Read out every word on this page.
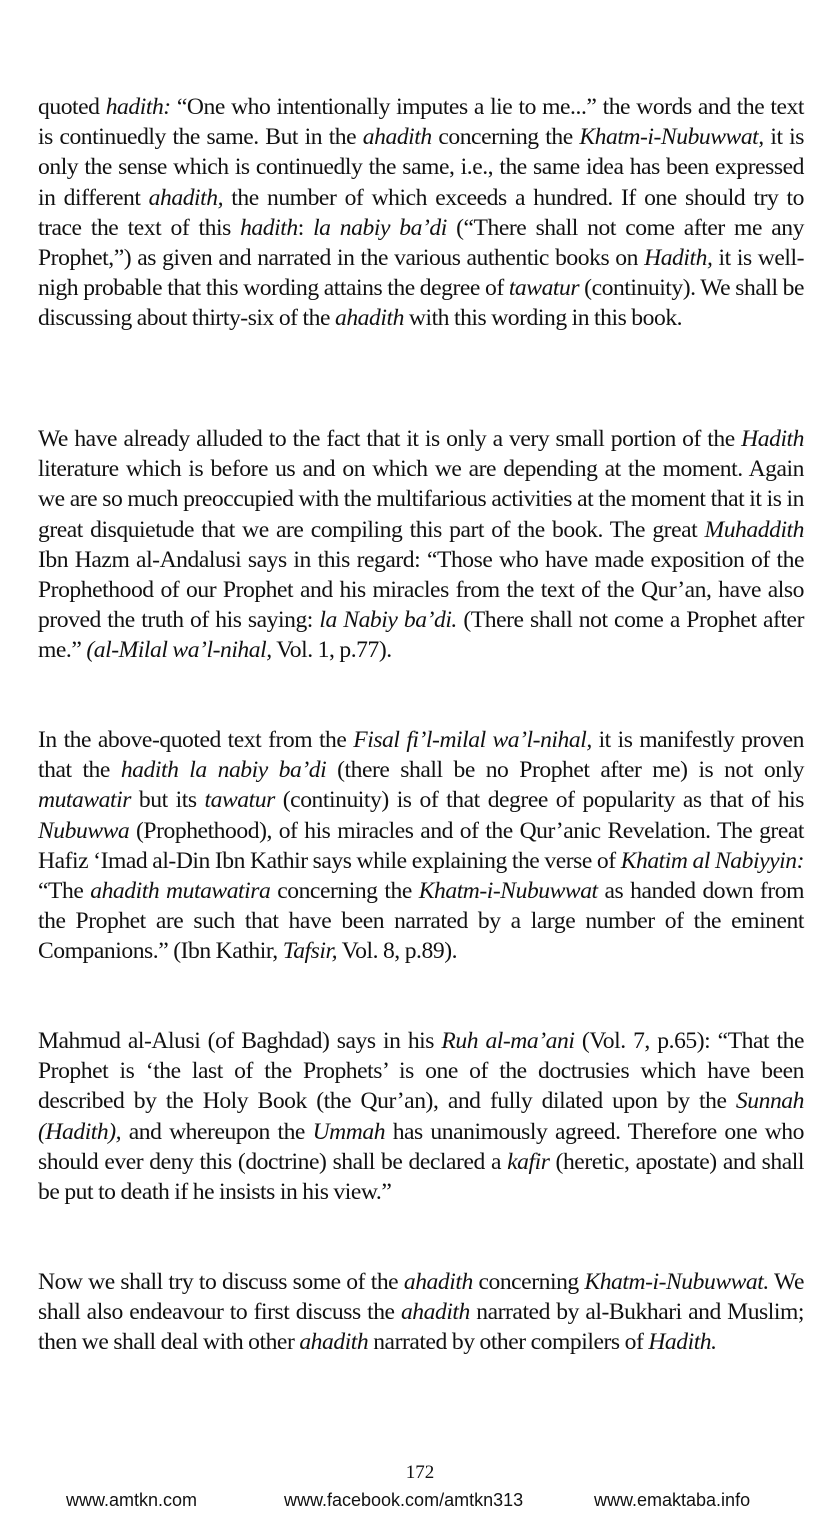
quoted hadith: “One who intentionally imputes a lie to me...” the words and the text is continuedly the same. But in the ahadith concerning the Khatm-i-Nubuwwat, it is only the sense which is continuedly the same, i.e., the same idea has been expressed in different ahadith, the number of which exceeds a hundred. If one should try to trace the text of this hadith: la nabiy ba’di (“There shall not come after me any Prophet,”) as given and narrated in the various authentic books on Hadith, it is well-nigh probable that this wording attains the degree of tawatur (continuity). We shall be discussing about thirty-six of the ahadith with this wording in this book.

We have already alluded to the fact that it is only a very small portion of the Hadith literature which is before us and on which we are depending at the moment. Again we are so much preoccupied with the multifarious activities at the moment that it is in great disquietude that we are compiling this part of the book. The great Muhaddith Ibn Hazm al-Andalusi says in this regard: “Those who have made exposition of the Prophethood of our Prophet and his miracles from the text of the Qur’an, have also proved the truth of his saying: la Nabiy ba’di. (There shall not come a Prophet after me.” (al-Milal wa’l-nihal, Vol. 1, p.77).

In the above-quoted text from the Fisal fi’l-milal wa’l-nihal, it is manifestly proven that the hadith la nabiy ba’di (there shall be no Prophet after me) is not only mutawatir but its tawatur (continuity) is of that degree of popularity as that of his Nubuwwa (Prophethood), of his miracles and of the Qur’anic Revelation. The great Hafiz ‘Imad al-Din Ibn Kathir says while explaining the verse of Khatim al Nabiyyin: “The ahadith mutawatira concerning the Khatm-i-Nubuwwat as handed down from the Prophet are such that have been narrated by a large number of the eminent Companions.” (Ibn Kathir, Tafsir, Vol. 8, p.89).

Mahmud al-Alusi (of Baghdad) says in his Ruh al-ma’ani (Vol. 7, p.65): “That the Prophet is ‘the last of the Prophets’ is one of the doctrusies which have been described by the Holy Book (the Qur’an), and fully dilated upon by the Sunnah (Hadith), and whereupon the Ummah has unanimously agreed. Therefore one who should ever deny this (doctrine) shall be declared a kafir (heretic, apostate) and shall be put to death if he insists in his view.”

Now we shall try to discuss some of the ahadith concerning Khatm-i-Nubuwwat. We shall also endeavour to first discuss the ahadith narrated by al-Bukhari and Muslim; then we shall deal with other ahadith narrated by other compilers of Hadith.

172
www.amtkn.com	www.facebook.com/amtkn313	www.emaktaba.info
